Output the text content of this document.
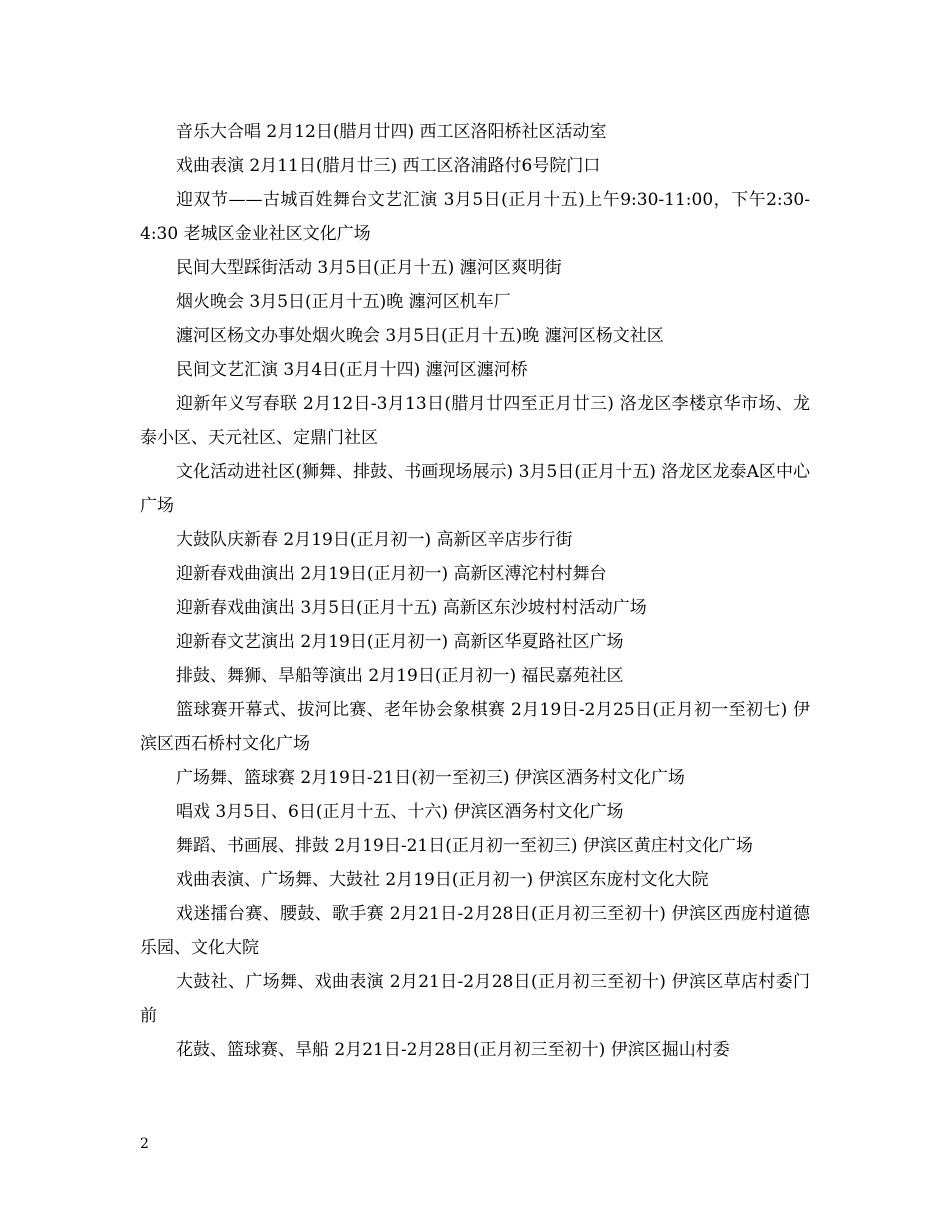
音乐大合唱 2月12日(腊月廿四) 西工区洛阳桥社区活动室

戏曲表演 2月11日(腊月廿三) 西工区洛浦路付6号院门口

迎双节——古城百姓舞台文艺汇演 3月5日(正月十五)上午9:30-11:00，下午2:30-4:30 老城区金业社区文化广场

民间大型踩街活动 3月5日(正月十五) 瀍河区爽明街

烟火晚会 3月5日(正月十五)晚 瀍河区机车厂

瀍河区杨文办事处烟火晚会 3月5日(正月十五)晚 瀍河区杨文社区

民间文艺汇演 3月4日(正月十四) 瀍河区瀍河桥

迎新年义写春联 2月12日-3月13日(腊月廿四至正月廿三) 洛龙区李楼京华市场、龙泰小区、天元社区、定鼎门社区

文化活动进社区(狮舞、排鼓、书画现场展示) 3月5日(正月十五) 洛龙区龙泰A区中心广场

大鼓队庆新春 2月19日(正月初一) 高新区辛店步行街

迎新春戏曲演出 2月19日(正月初一) 高新区溥沱村村舞台

迎新春戏曲演出 3月5日(正月十五) 高新区东沙坡村村活动广场

迎新春文艺演出 2月19日(正月初一) 高新区华夏路社区广场

排鼓、舞狮、旱船等演出 2月19日(正月初一) 福民嘉苑社区

篮球赛开幕式、拔河比赛、老年协会象棋赛 2月19日-2月25日(正月初一至初七) 伊滨区西石桥村文化广场

广场舞、篮球赛 2月19日-21日(初一至初三) 伊滨区酒务村文化广场

唱戏 3月5日、6日(正月十五、十六) 伊滨区酒务村文化广场

舞蹈、书画展、排鼓 2月19日-21日(正月初一至初三) 伊滨区黄庄村文化广场

戏曲表演、广场舞、大鼓社 2月19日(正月初一) 伊滨区东庞村文化大院

戏迷擂台赛、腰鼓、歌手赛 2月21日-2月28日(正月初三至初十) 伊滨区西庞村道德乐园、文化大院

大鼓社、广场舞、戏曲表演 2月21日-2月28日(正月初三至初十) 伊滨区草店村委门前

花鼓、篮球赛、旱船 2月21日-2月28日(正月初三至初十) 伊滨区掘山村委

2
